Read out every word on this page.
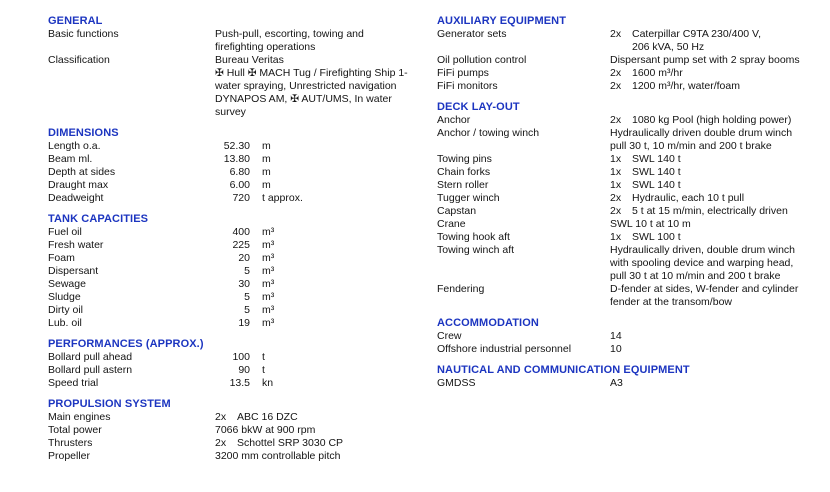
GENERAL
Basic functions	Push-pull, escorting, towing and
firefighting operations
Classification	Bureau Veritas
✠ Hull ✠ MACH Tug / Firefighting Ship 1-
water spraying, Unrestricted navigation
DYNAPOS AM, ✠ AUT/UMS, In water
survey
DIMENSIONS
Length o.a.	52.30 m
Beam ml.	13.80 m
Depth at sides	6.80 m
Draught max	6.00 m
Deadweight	720 t approx.
TANK CAPACITIES
Fuel oil	400 m³
Fresh water	225 m³
Foam	20 m³
Dispersant	5 m³
Sewage	30 m³
Sludge	5 m³
Dirty oil	5 m³
Lub. oil	19 m³
PERFORMANCES (APPROX.)
Bollard pull ahead	100 t
Bollard pull astern	90 t
Speed trial	13.5 kn
PROPULSION SYSTEM
Main engines	2x ABC 16 DZC
Total power	7066 bkW at 900 rpm
Thrusters	2x Schottel SRP 3030 CP
Propeller	3200 mm controllable pitch
AUXILIARY EQUIPMENT
Generator sets	2x Caterpillar C9TA 230/400 V,
206 kVA, 50 Hz
Oil pollution control	Dispersant pump set with 2 spray booms
FiFi pumps	2x 1600 m³/hr
FiFi monitors	2x 1200 m³/hr, water/foam
DECK LAY-OUT
Anchor	2x 1080 kg Pool (high holding power)
Anchor / towing winch	Hydraulically driven double drum winch
pull 30 t, 10 m/min and 200 t brake
Towing pins	1x SWL 140 t
Chain forks	1x SWL 140 t
Stern roller	1x SWL 140 t
Tugger winch	2x Hydraulic, each 10 t pull
Capstan	2x 5 t at 15 m/min, electrically driven
Crane	SWL 10 t at 10 m
Towing hook aft	1x SWL 100 t
Towing winch aft	Hydraulically driven, double drum winch
with spooling device and warping head,
pull 30 t at 10 m/min and 200 t brake
Fendering	D-fender at sides, W-fender and cylinder
fender at the transom/bow
ACCOMMODATION
Crew	14
Offshore industrial personnel	10
NAUTICAL AND COMMUNICATION EQUIPMENT
GMDSS	A3
